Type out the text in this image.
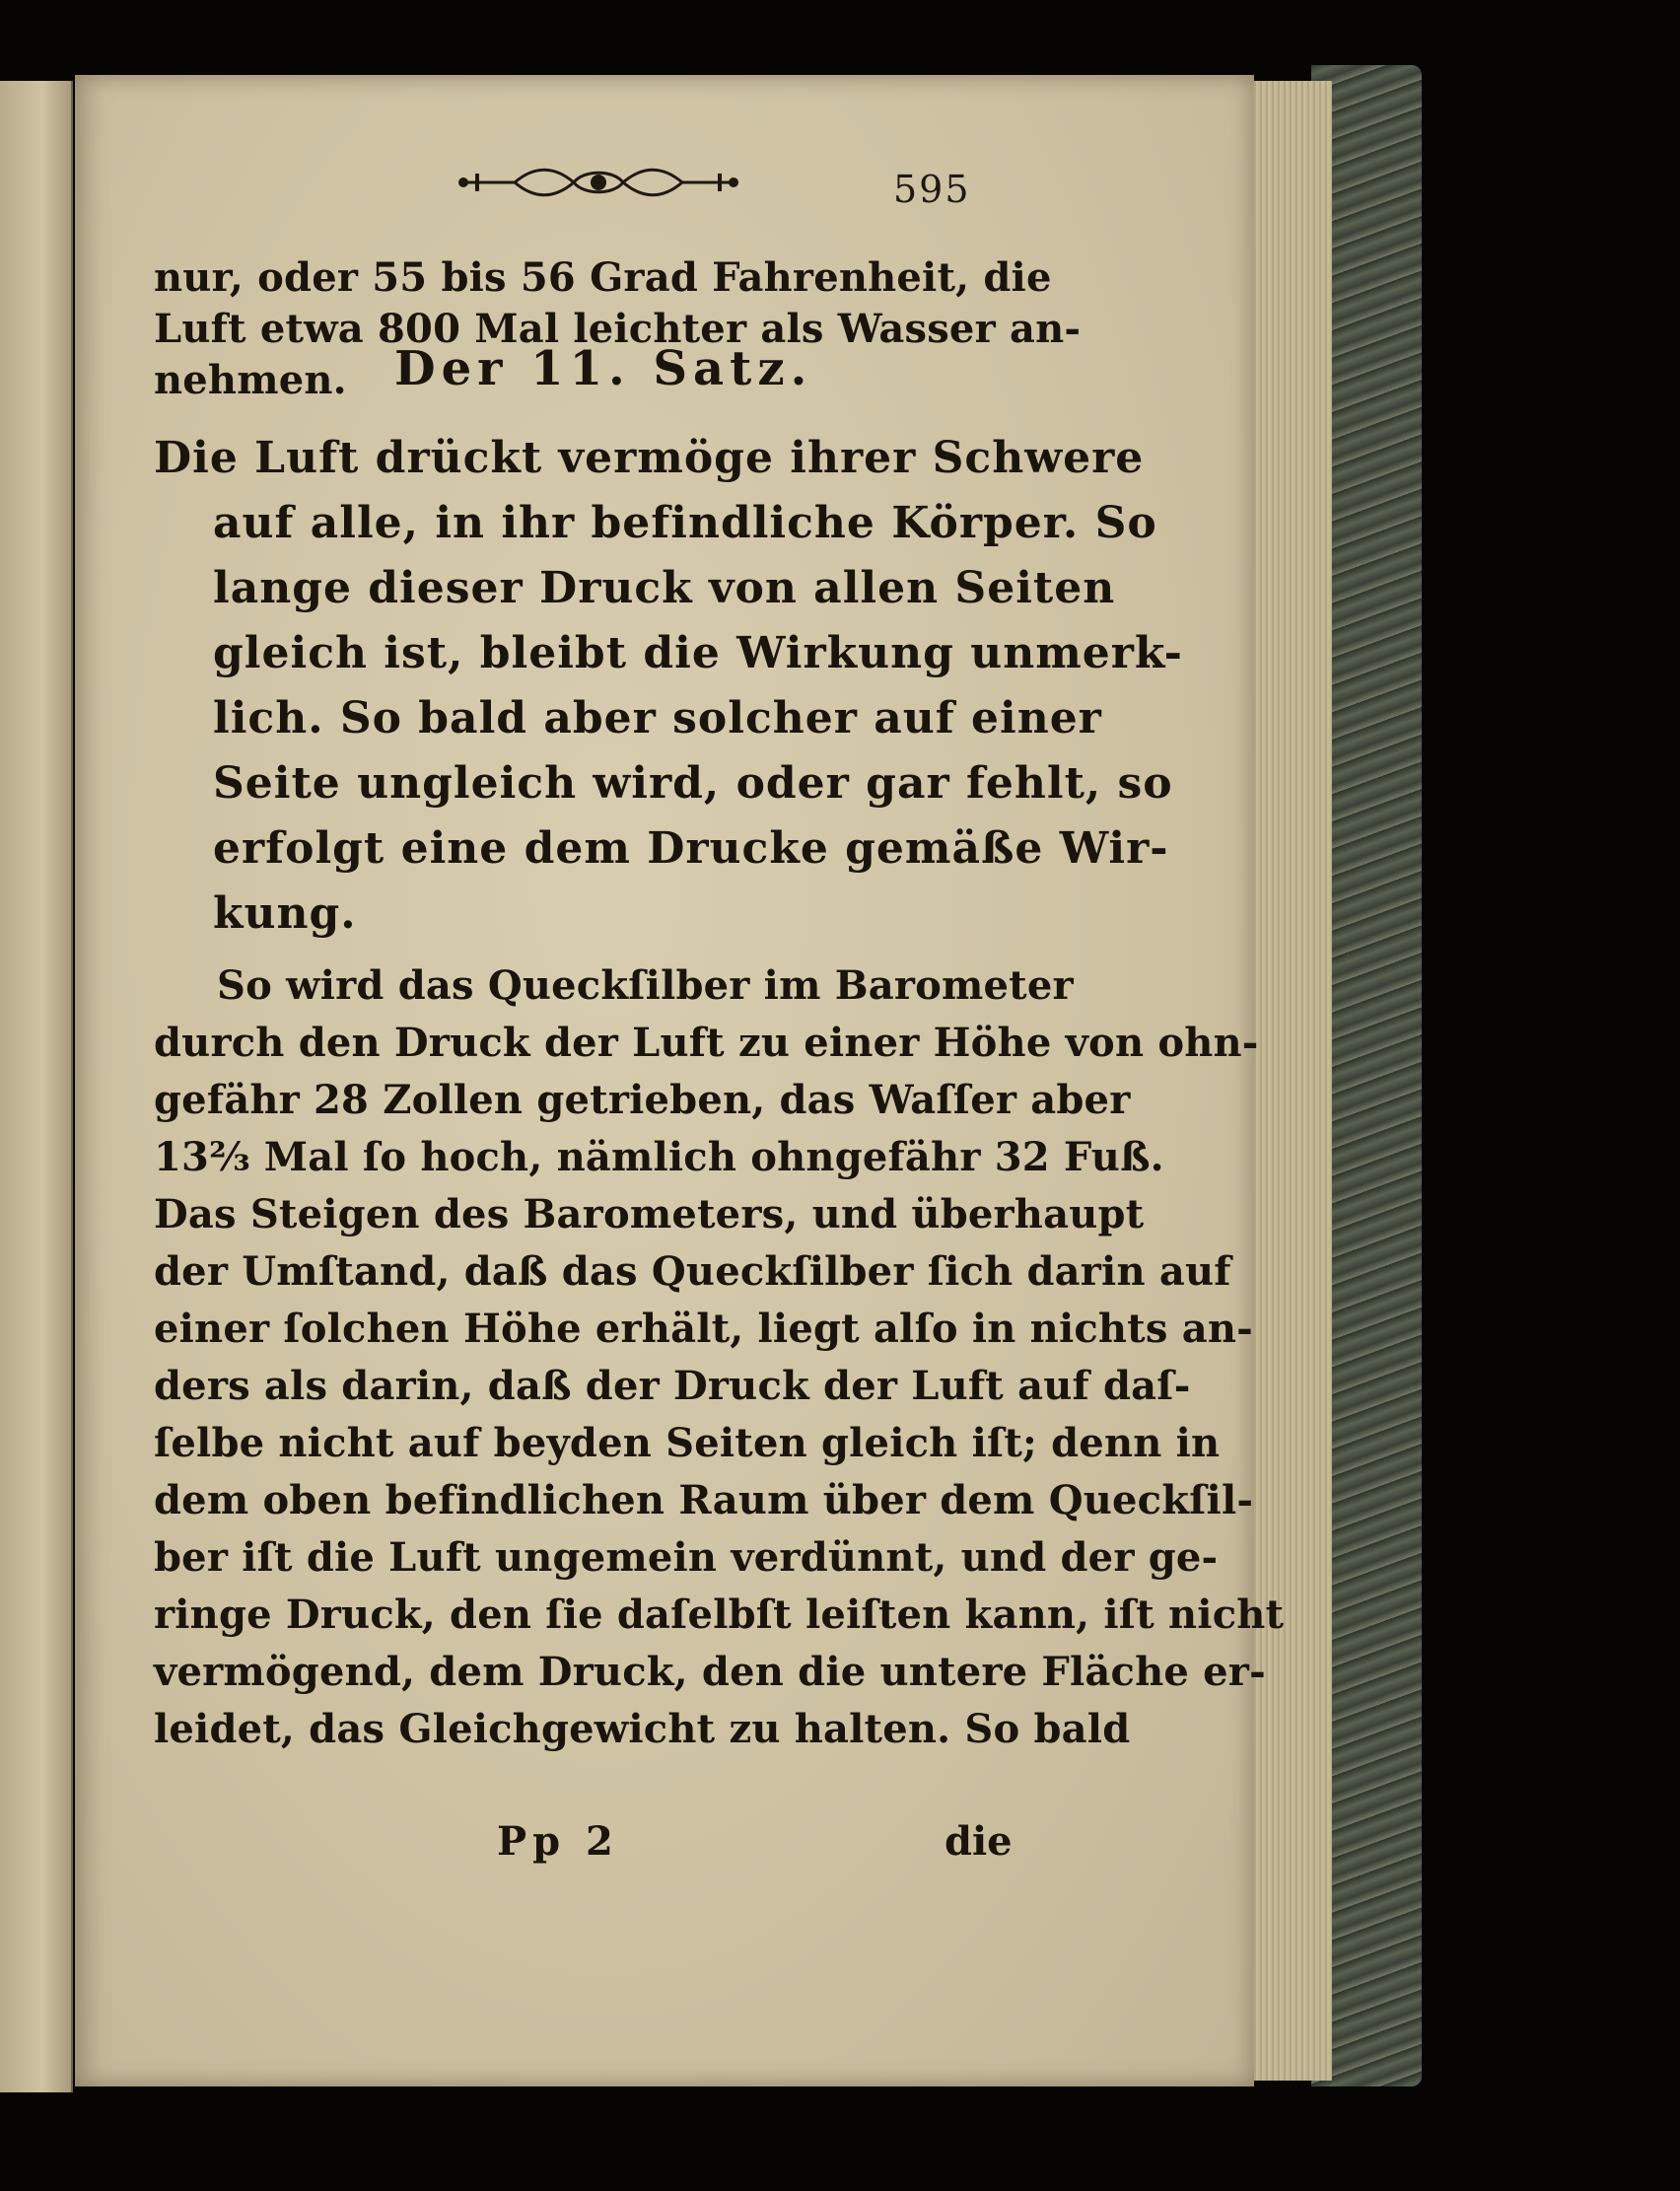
595
nur, oder 55 bis 56 Grad Fahrenheit, die
Luft etwa 800 Mal leichter als Wasser an-
nehmen. Der 11. Satz.
Die Luft drückt vermöge ihrer Schwere
auf alle, in ihr befindliche Körper. So
lange dieser Druck von allen Seiten
gleich ist, bleibt die Wirkung unmerk-
lich. So bald aber solcher auf einer
Seite ungleich wird, oder gar fehlt, so
erfolgt eine dem Drucke gemäße Wir-
kung.
So wird das Queckſilber im Barometer
durch den Druck der Luft zu einer Höhe von ohn-
gefähr 28 Zollen getrieben, das Waſſer aber
13⅔ Mal ſo hoch, nämlich ohngefähr 32 Fuß.
Das Steigen des Barometers, und überhaupt
der Umſtand, daß das Queckſilber ſich darin auf
einer ſolchen Höhe erhält, liegt alſo in nichts an-
ders als darin, daß der Druck der Luft auf daſ-
ſelbe nicht auf beyden Seiten gleich iſt; denn in
dem oben befindlichen Raum über dem Queckſil-
ber iſt die Luft ungemein verdünnt, und der ge-
ringe Druck, den ſie daſelbſt leiſten kann, iſt nicht
vermögend, dem Druck, den die untere Fläche er-
leidet, das Gleichgewicht zu halten. So bald
Pp 2	die
